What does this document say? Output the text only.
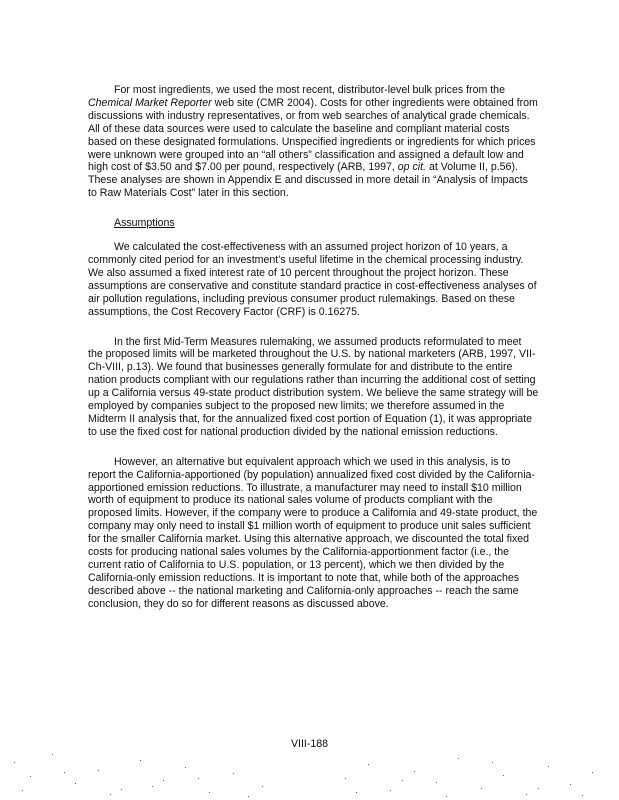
For most ingredients, we used the most recent, distributor-level bulk prices from the Chemical Market Reporter web site (CMR 2004). Costs for other ingredients were obtained from discussions with industry representatives, or from web searches of analytical grade chemicals. All of these data sources were used to calculate the baseline and compliant material costs based on these designated formulations. Unspecified ingredients or ingredients for which prices were unknown were grouped into an “all others” classification and assigned a default low and high cost of $3.50 and $7.00 per pound, respectively (ARB, 1997, op cit. at Volume II, p.56). These analyses are shown in Appendix E and discussed in more detail in “Analysis of Impacts to Raw Materials Cost” later in this section.

Assumptions

We calculated the cost-effectiveness with an assumed project horizon of 10 years, a commonly cited period for an investment’s useful lifetime in the chemical processing industry. We also assumed a fixed interest rate of 10 percent throughout the project horizon. These assumptions are conservative and constitute standard practice in cost-effectiveness analyses of air pollution regulations, including previous consumer product rulemakings. Based on these assumptions, the Cost Recovery Factor (CRF) is 0.16275.

In the first Mid-Term Measures rulemaking, we assumed products reformulated to meet the proposed limits will be marketed throughout the U.S. by national marketers (ARB, 1997, VII-Ch-VIII, p.13). We found that businesses generally formulate for and distribute to the entire nation products compliant with our regulations rather than incurring the additional cost of setting up a California versus 49-state product distribution system. We believe the same strategy will be employed by companies subject to the proposed new limits; we therefore assumed in the Midterm II analysis that, for the annualized fixed cost portion of Equation (1), it was appropriate to use the fixed cost for national production divided by the national emission reductions.

However, an alternative but equivalent approach which we used in this analysis, is to report the California-apportioned (by population) annualized fixed cost divided by the California-apportioned emission reductions. To illustrate, a manufacturer may need to install $10 million worth of equipment to produce its national sales volume of products compliant with the proposed limits. However, if the company were to produce a California and 49-state product, the company may only need to install $1 million worth of equipment to produce unit sales sufficient for the smaller California market. Using this alternative approach, we discounted the total fixed costs for producing national sales volumes by the California-apportionment factor (i.e., the current ratio of California to U.S. population, or 13 percent), which we then divided by the California-only emission reductions. It is important to note that, while both of the approaches described above -- the national marketing and California-only approaches -- reach the same conclusion, they do so for different reasons as discussed above.

VIII-188
